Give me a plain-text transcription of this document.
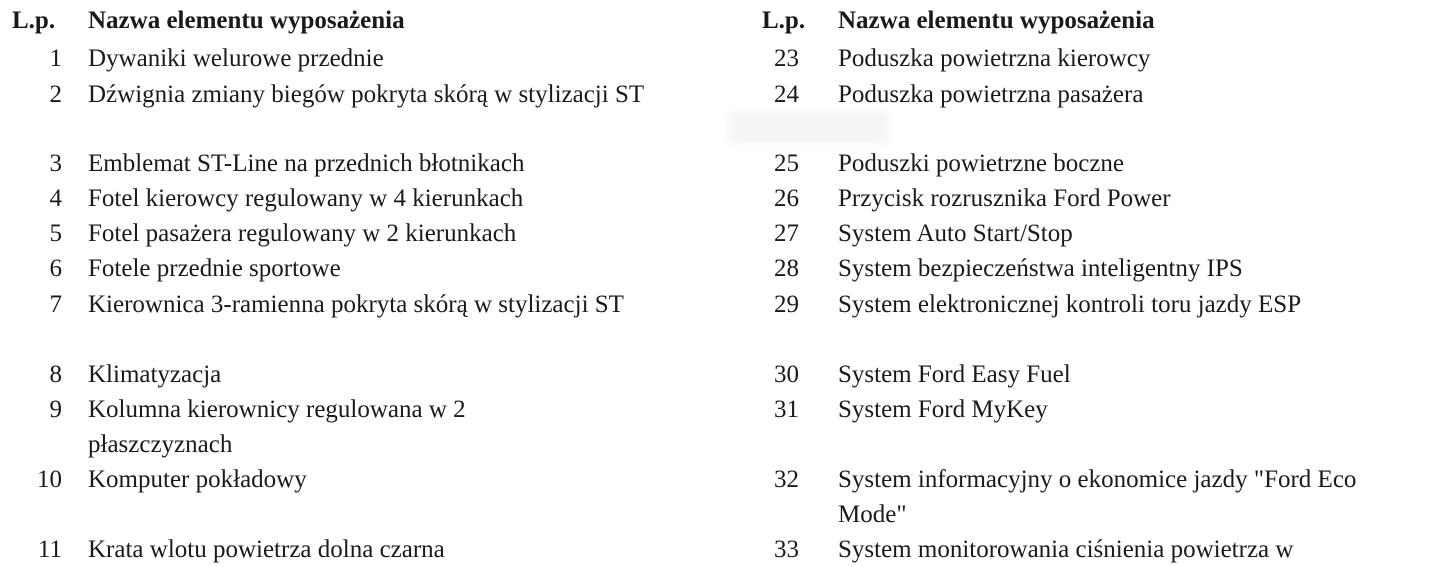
L.p. Nazwa elementu wyposażenia
1 Dywaniki welurowe przednie
2 Dźwignia zmiany biegów pokryta skórą w stylizacji ST
3 Emblemat ST-Line na przednich błotnikach
4 Fotel kierowcy regulowany w 4 kierunkach
5 Fotel pasażera regulowany w 2 kierunkach
6 Fotele przednie sportowe
7 Kierownica 3-ramienna pokryta skórą w stylizacji ST
8 Klimatyzacja
9 Kolumna kierownicy regulowana w 2 płaszczyznach
10 Komputer pokładowy
11 Krata wlotu powietrza dolna czarna
L.p. Nazwa elementu wyposażenia
23 Poduszka powietrzna kierowcy
24 Poduszka powietrzna pasażera
25 Poduszki powietrzne boczne
26 Przycisk rozrusznika Ford Power
27 System Auto Start/Stop
28 System bezpieczeństwa inteligentny IPS
29 System elektronicznej kontroli toru jazdy ESP
30 System Ford Easy Fuel
31 System Ford MyKey
32 System informacyjny o ekonomice jazdy "Ford Eco Mode"
33 System monitorowania ciśnienia powietrza w
